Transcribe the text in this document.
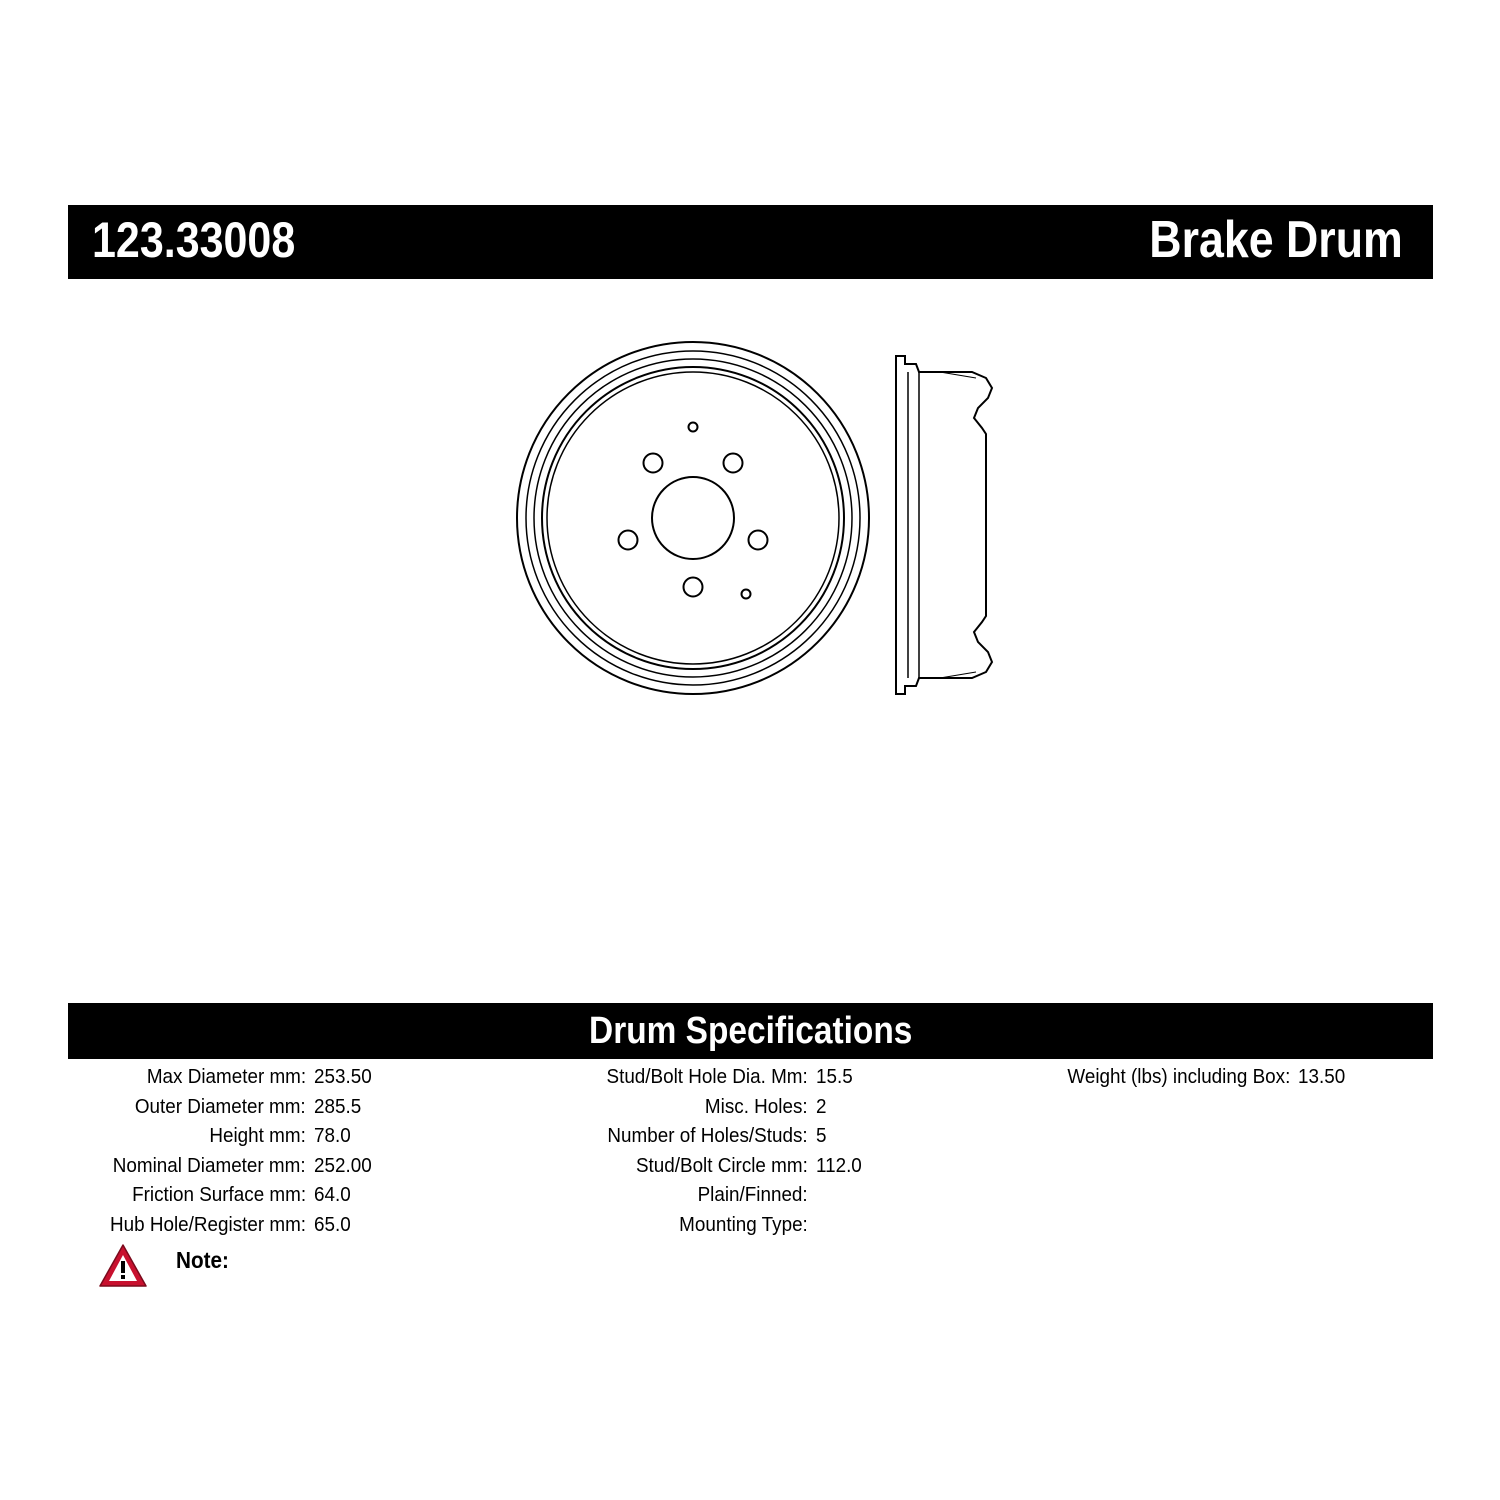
123.33008	Brake Drum
Drum Specifications
Max Diameter mm: 253.50
Outer Diameter mm: 285.5
Height mm: 78.0
Nominal Diameter mm: 252.00
Friction Surface mm: 64.0
Hub Hole/Register mm: 65.0
Stud/Bolt Hole Dia. Mm: 15.5
Misc. Holes: 2
Number of Holes/Studs: 5
Stud/Bolt Circle mm: 112.0
Plain/Finned:
Mounting Type:
Weight (lbs) including Box: 13.50
Note:
